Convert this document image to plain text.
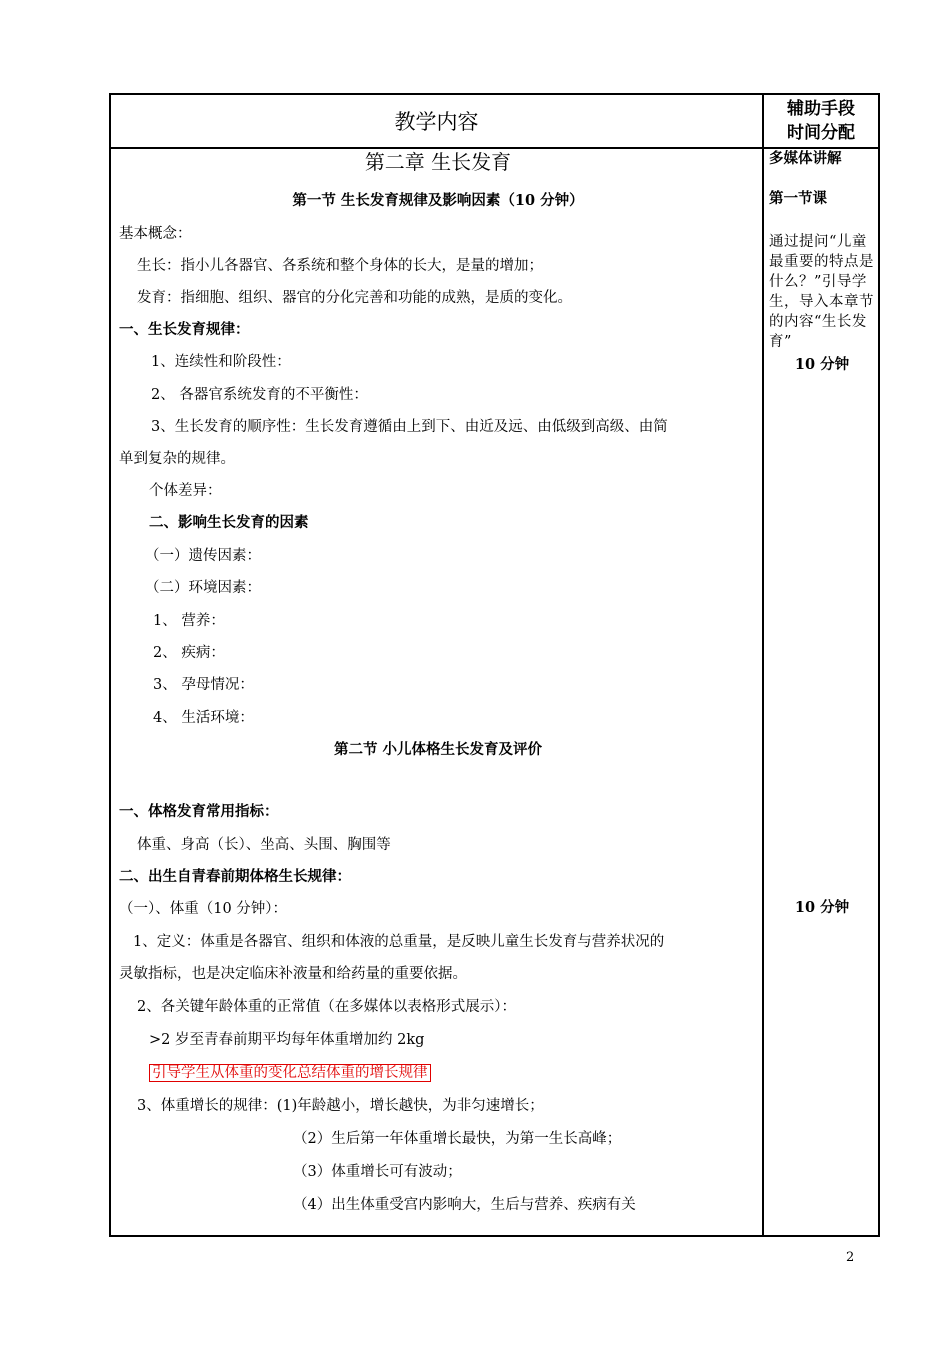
教学内容
辅助手段
时间分配
第二章 生长发育
第一节 生长发育规律及影响因素（10 分钟）
基本概念：
生长：指小儿各器官、各系统和整个身体的长大，是量的增加；
发育：指细胞、组织、器官的分化完善和功能的成熟，是质的变化。
一、生长发育规律：
1、连续性和阶段性：
2、 各器官系统发育的不平衡性：
3、生长发育的顺序性：生长发育遵循由上到下、由近及远、由低级到高级、由简
单到复杂的规律。
个体差异：
二、影响生长发育的因素
（一）遗传因素：
（二）环境因素：
1、 营养：
2、 疾病：
3、 孕母情况：
4、 生活环境：
第二节 小儿体格生长发育及评价
一、体格发育常用指标：
体重、身高（长）、坐高、头围、胸围等
二、出生自青春前期体格生长规律：
（一）、体重（10 分钟）：
1、定义：体重是各器官、组织和体液的总重量，是反映儿童生长发育与营养状况的
灵敏指标，也是决定临床补液量和给药量的重要依据。
2、各关键年龄体重的正常值（在多媒体以表格形式展示）：
>2 岁至青春前期平均每年体重增加约 2kg
引导学生从体重的变化总结体重的增长规律
3、体重增长的规律：(1)年龄越小，增长越快，为非匀速增长；
（2）生后第一年体重增长最快，为第一生长高峰；
（3）体重增长可有波动；
（4）出生体重受宫内影响大，生后与营养、疾病有关
多媒体讲解
第一节课
通过提问“儿童最重要的特点是什么？”引导学生，导入本章节的内容“生长发育”
10 分钟
10 分钟
2
